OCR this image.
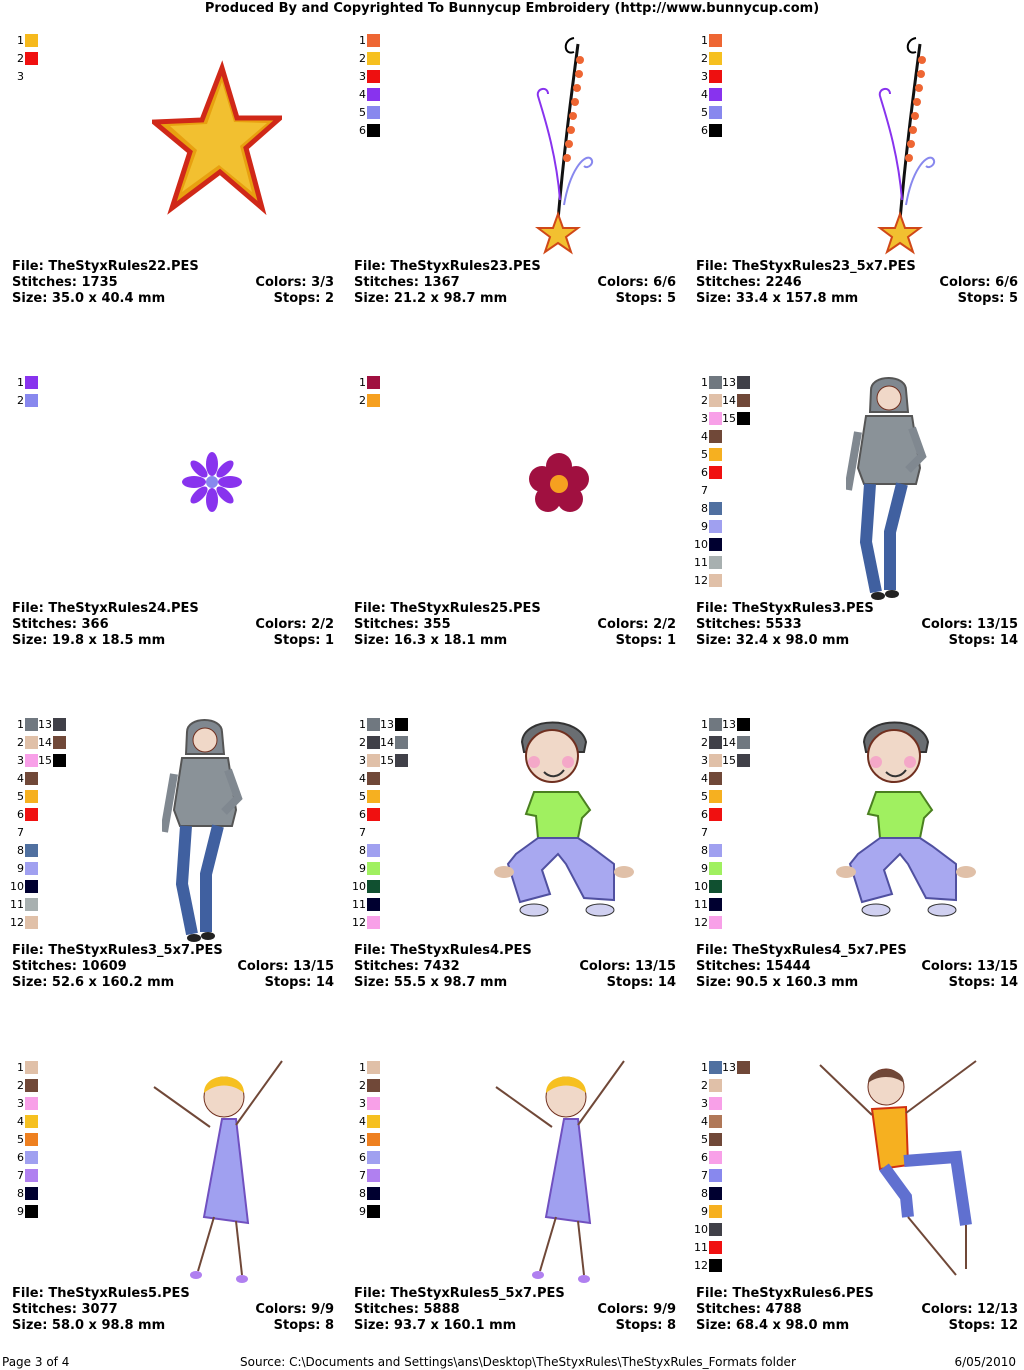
Produced By and Copyrighted To Bunnycup Embroidery (http://www.bunnycup.com)
1
2
3
File: TheStyxRules22.PES
Stitches: 1735	Colors: 3/3
Size: 35.0 x 40.4 mm	Stops: 2
1
2
3
4
5
6
File: TheStyxRules23.PES
Stitches: 1367	Colors: 6/6
Size: 21.2 x 98.7 mm	Stops: 5
1
2
3
4
5
6
File: TheStyxRules23_5x7.PES
Stitches: 2246	Colors: 6/6
Size: 33.4 x 157.8 mm	Stops: 5
1
2
File: TheStyxRules24.PES
Stitches: 366	Colors: 2/2
Size: 19.8 x 18.5 mm	Stops: 1
1
2
File: TheStyxRules25.PES
Stitches: 355	Colors: 2/2
Size: 16.3 x 18.1 mm	Stops: 1
1
2
3
4
5
6
7
8
9
10
11
12
13
14
15
File: TheStyxRules3.PES
Stitches: 5533	Colors: 13/15
Size: 32.4 x 98.0 mm	Stops: 14
1
2
3
4
5
6
7
8
9
10
11
12
13
14
15
File: TheStyxRules3_5x7.PES
Stitches: 10609	Colors: 13/15
Size: 52.6 x 160.2 mm	Stops: 14
1
2
3
4
5
6
7
8
9
10
11
12
13
14
15
File: TheStyxRules4.PES
Stitches: 7432	Colors: 13/15
Size: 55.5 x 98.7 mm	Stops: 14
1
2
3
4
5
6
7
8
9
10
11
12
13
14
15
File: TheStyxRules4_5x7.PES
Stitches: 15444	Colors: 13/15
Size: 90.5 x 160.3 mm	Stops: 14
1
2
3
4
5
6
7
8
9
File: TheStyxRules5.PES
Stitches: 3077	Colors: 9/9
Size: 58.0 x 98.8 mm	Stops: 8
1
2
3
4
5
6
7
8
9
File: TheStyxRules5_5x7.PES
Stitches: 5888	Colors: 9/9
Size: 93.7 x 160.1 mm	Stops: 8
1
2
3
4
5
6
7
8
9
10
11
12
13
File: TheStyxRules6.PES
Stitches: 4788	Colors: 12/13
Size: 68.4 x 98.0 mm	Stops: 12
Page 3 of 4	Source: C:\Documents and Settings\ans\Desktop\TheStyxRules\TheStyxRules_Formats folder	6/05/2010
